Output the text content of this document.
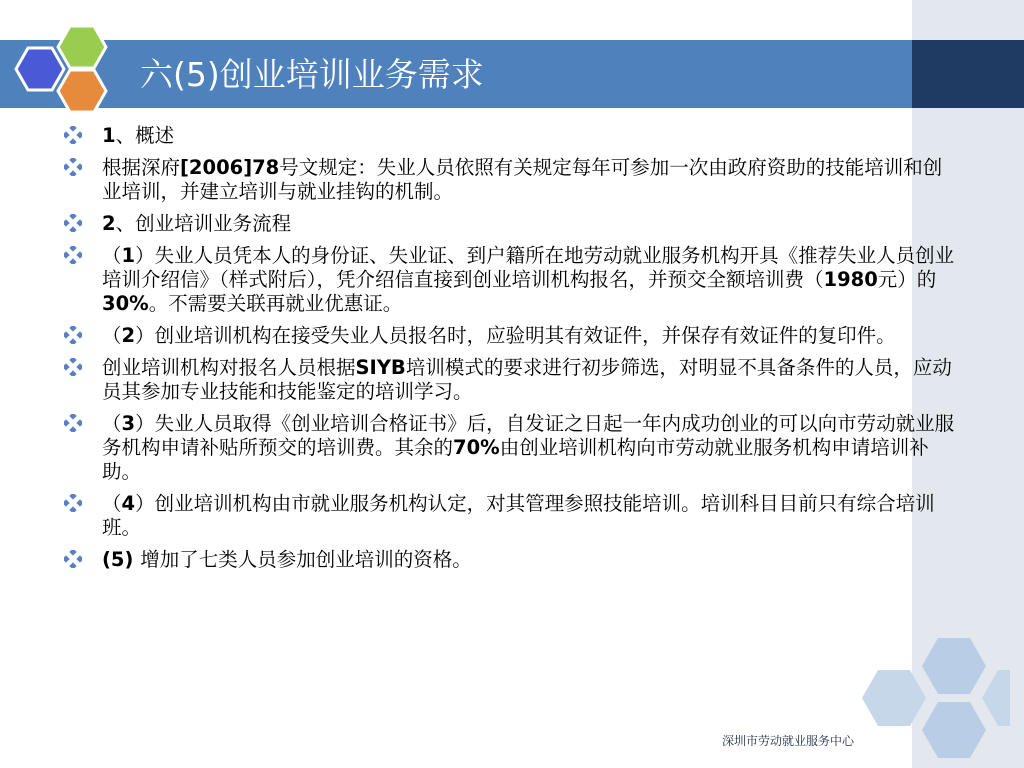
六(5)创业培训业务需求
1、概述
根据深府[2006]78号文规定：失业人员依照有关规定每年可参加一次由政府资助的技能培训和创业培训，并建立培训与就业挂钩的机制。
2、创业培训业务流程
（1）失业人员凭本人的身份证、失业证、到户籍所在地劳动就业服务机构开具《推荐失业人员创业培训介绍信》（样式附后），凭介绍信直接到创业培训机构报名，并预交全额培训费（1980元）的30%。不需要关联再就业优惠证。
（2）创业培训机构在接受失业人员报名时，应验明其有效证件，并保存有效证件的复印件。
创业培训机构对报名人员根据SIYB培训模式的要求进行初步筛选，对明显不具备条件的人员，应动员其参加专业技能和技能鉴定的培训学习。
（3）失业人员取得《创业培训合格证书》后，自发证之日起一年内成功创业的可以向市劳动就业服务机构申请补贴所预交的培训费。其余的70%由创业培训机构向市劳动就业服务机构申请培训补助。
（4）创业培训机构由市就业服务机构认定，对其管理参照技能培训。培训科目目前只有综合培训班。
(5) 增加了七类人员参加创业培训的资格。
深圳市劳动就业服务中心
